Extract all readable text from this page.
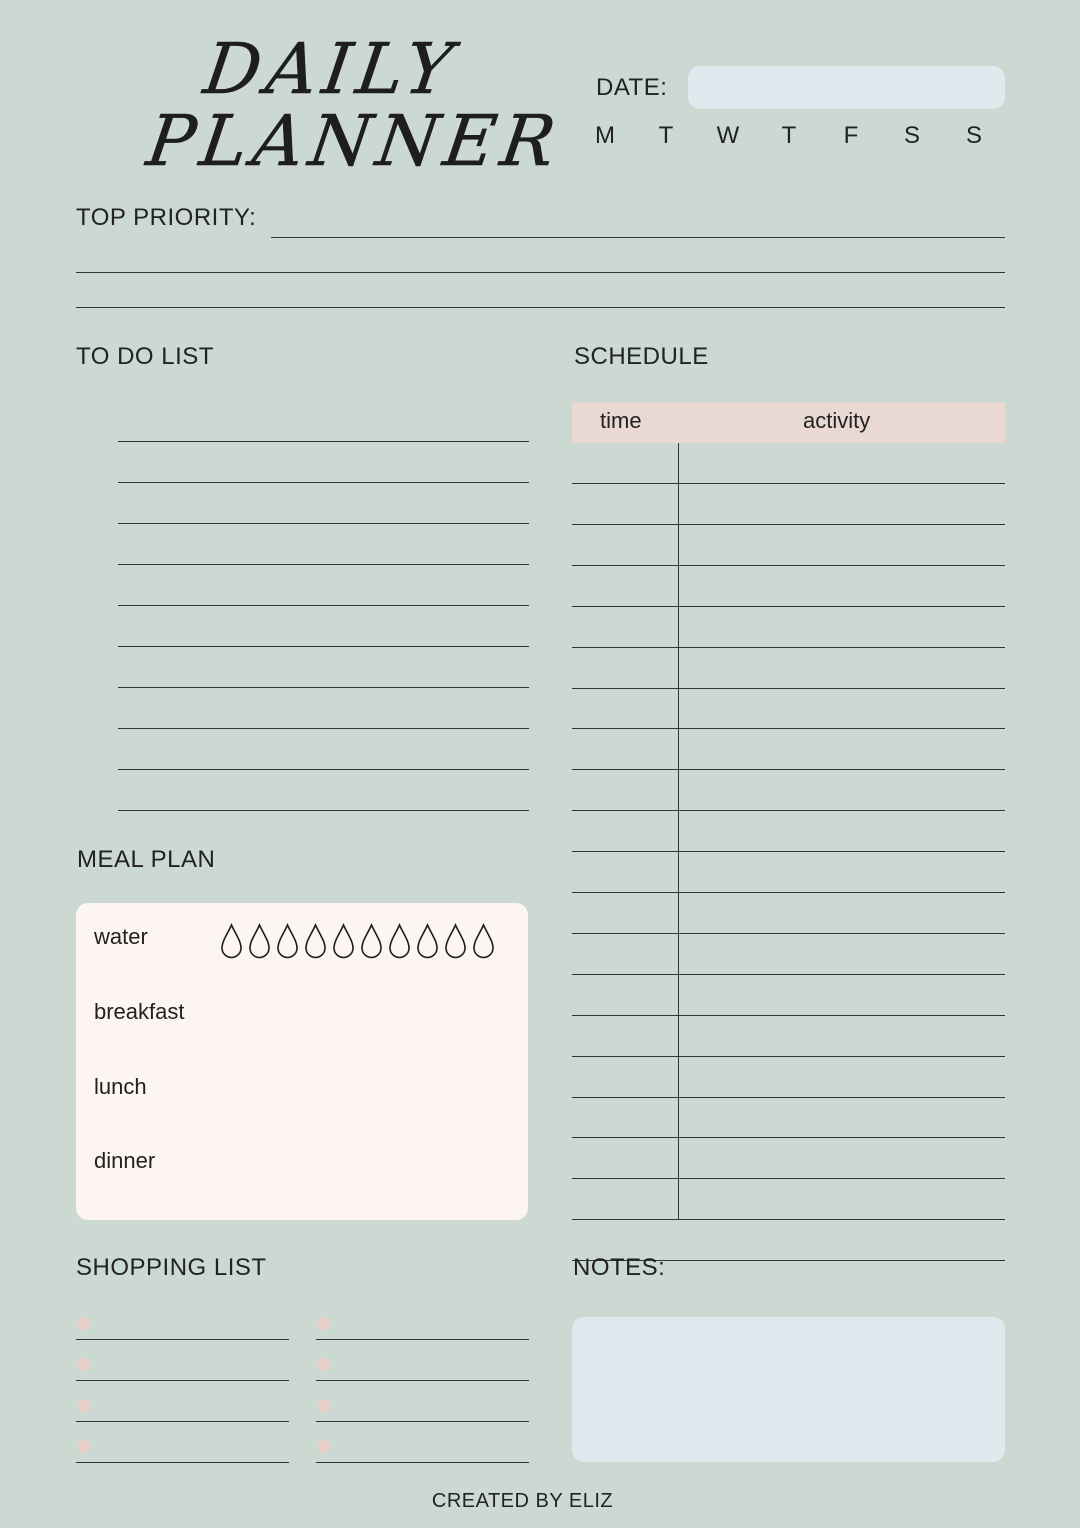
DAILY
PLANNER
DATE:
M	T	W	T	F	S S
TOP PRIORITY:
TO DO LIST	SCHEDULE
time	activity
MEAL PLAN
water
breakfast
lunch
dinner
SHOPPING LIST	NOTES:
CREATED BY ELIZ
